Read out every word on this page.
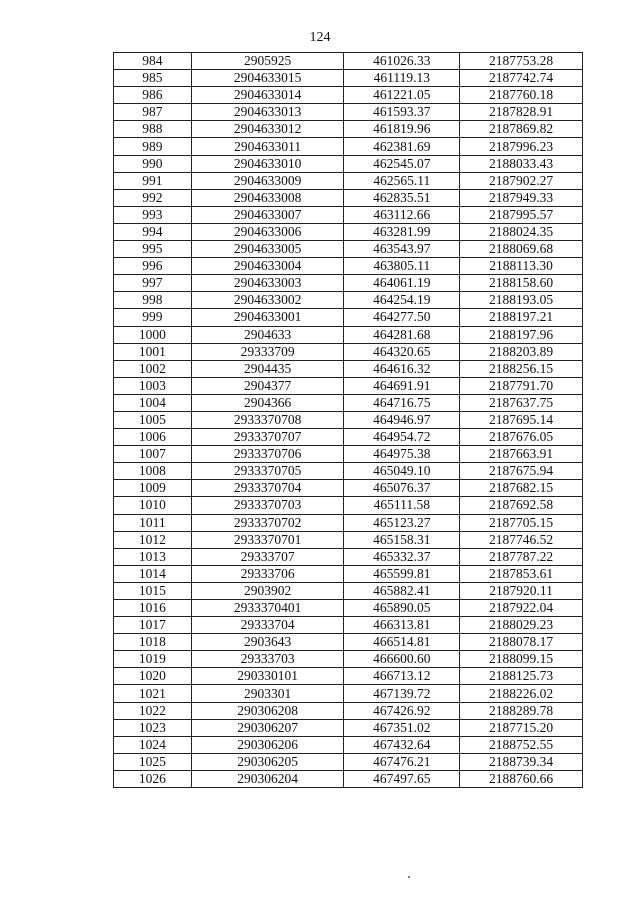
124
984	2905925	461026.33	2187753.28
985	2904633015	461119.13	2187742.74
986	2904633014	461221.05	2187760.18
987	2904633013	461593.37	2187828.91
988	2904633012	461819.96	2187869.82
989	2904633011	462381.69	2187996.23
990	2904633010	462545.07	2188033.43
991	2904633009	462565.11	2187902.27
992	2904633008	462835.51	2187949.33
993	2904633007	463112.66	2187995.57
994	2904633006	463281.99	2188024.35
995	2904633005	463543.97	2188069.68
996	2904633004	463805.11	2188113.30
997	2904633003	464061.19	2188158.60
998	2904633002	464254.19	2188193.05
999	2904633001	464277.50	2188197.21
1000	2904633	464281.68	2188197.96
1001	29333709	464320.65	2188203.89
1002	2904435	464616.32	2188256.15
1003	2904377	464691.91	2187791.70
1004	2904366	464716.75	2187637.75
1005	2933370708	464946.97	2187695.14
1006	2933370707	464954.72	2187676.05
1007	2933370706	464975.38	2187663.91
1008	2933370705	465049.10	2187675.94
1009	2933370704	465076.37	2187682.15
1010	2933370703	465111.58	2187692.58
1011	2933370702	465123.27	2187705.15
1012	2933370701	465158.31	2187746.52
1013	29333707	465332.37	2187787.22
1014	29333706	465599.81	2187853.61
1015	2903902	465882.41	2187920.11
1016	2933370401	465890.05	2187922.04
1017	29333704	466313.81	2188029.23
1018	2903643	466514.81	2188078.17
1019	29333703	466600.60	2188099.15
1020	290330101	466713.12	2188125.73
1021	2903301	467139.72	2188226.02
1022	290306208	467426.92	2188289.78
1023	290306207	467351.02	2187715.20
1024	290306206	467432.64	2188752.55
1025	290306205	467476.21	2188739.34
1026	290306204	467497.65	2188760.66
